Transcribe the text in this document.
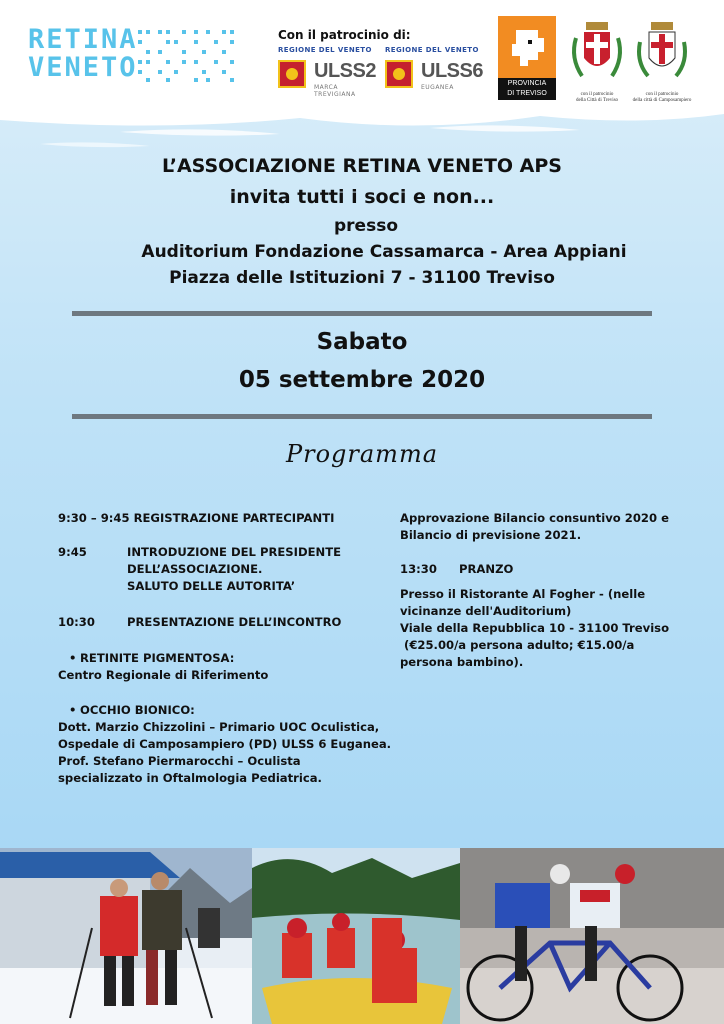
RETINA
VENETO
Con il patrocinio di:
REGIONE DEL VENETO
ULSS2
MARCA TREVIGIANA
REGIONE DEL VENETO
ULSS6
EUGANEA
PROVINCIA
DI TREVISO	con il patrocinio
della Città di Treviso
con il patrocinio
della città di Camposampiero
L’ASSOCIAZIONE RETINA VENETO APS
invita tutti i soci e non...
presso
Auditorium Fondazione Cassamarca - Area Appiani
Piazza delle Istituzioni 7 - 31100 Treviso
Sabato
05 settembre 2020
Programma
9:30 – 9:45 REGISTRAZIONE PARTECIPANTI
9:45	INTRODUZIONE DEL PRESIDENTE
DELL’ASSOCIAZIONE.
SALUTO DELLE AUTORITA’
10:30	PRESENTAZIONE DELL’INCONTRO
• RETINITE PIGMENTOSA:
Centro Regionale di Riferimento
• OCCHIO BIONICO:
Dott. Marzio Chizzolini – Primario UOC Oculistica,
Ospedale di Camposampiero (PD) ULSS 6 Euganea.
Prof. Stefano Piermarocchi – Oculista
specializzato in Oftalmologia Pediatrica.
Approvazione Bilancio consuntivo 2020 e
Bilancio di previsione 2021.
13:30 PRANZO
Presso il Ristorante Al Fogher - (nelle
vicinanze dell'Auditorium)
Viale della Repubblica 10 - 31100 Treviso
(€25.00/a persona adulto; €15.00/a
persona bambino).
